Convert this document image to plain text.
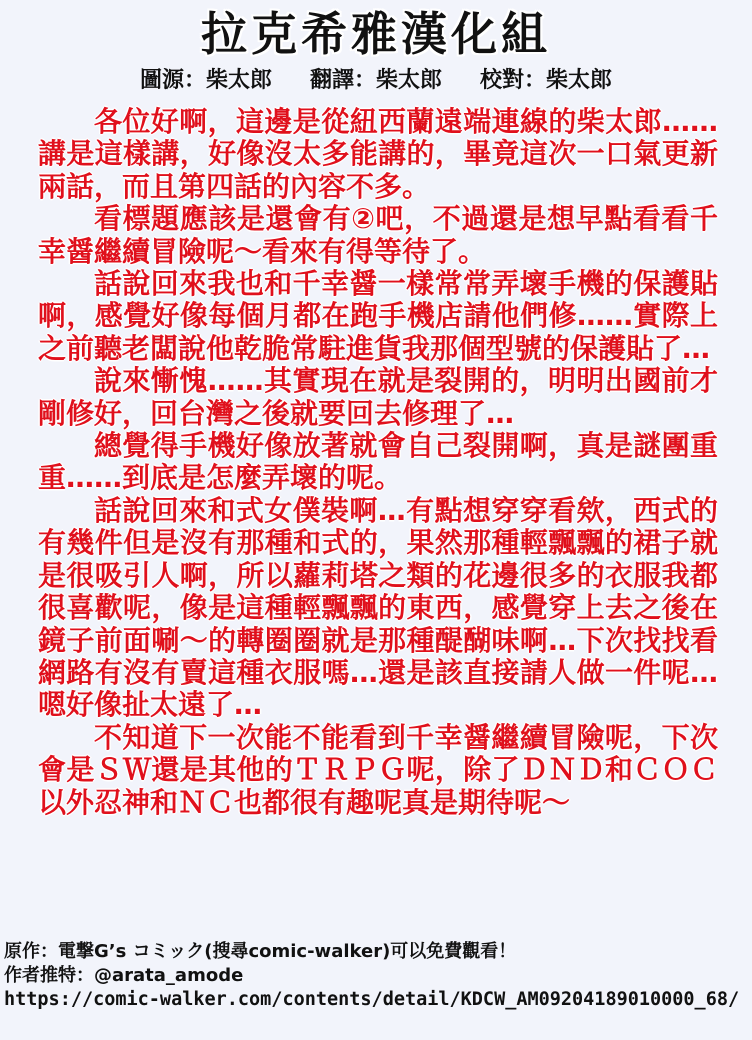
拉克希雅漢化組
圖源：柴太郎 翻譯：柴太郎 校對：柴太郎

各位好啊，這邊是從紐西蘭遠端連線的柴太郎……講是這樣講，好像沒太多能講的，畢竟這次一口氣更新兩話，而且第四話的內容不多。

看標題應該是還會有②吧，不過還是想早點看看千幸醤繼續冒險呢～看來有得等待了。

話說回來我也和千幸醤一樣常常弄壞手機的保護貼啊，感覺好像每個月都在跑手機店請他們修……實際上之前聽老闆說他乾脆常駐進貨我那個型號的保護貼了…

說來慚愧……其實現在就是裂開的，明明出國前才剛修好，回台灣之後就要回去修理了…

總覺得手機好像放著就會自己裂開啊，真是謎團重重……到底是怎麼弄壞的呢。

話說回來和式女僕裝啊…有點想穿穿看欸，西式的有幾件但是沒有那種和式的，果然那種輕飄飄的裙子就是很吸引人啊，所以蘿莉塔之類的花邊很多的衣服我都很喜歡呢，像是這種輕飄飄的東西，感覺穿上去之後在鏡子前面唰～的轉圈圈就是那種醍醐味啊…下次找找看網路有沒有賣這種衣服嗎…還是該直接請人做一件呢…嗯好像扯太遠了…

不知道下一次能不能看到千幸醤繼續冒險呢，下次會是ＳＷ還是其他的ＴＲＰＧ呢，除了ＤＮＤ和ＣＯＣ以外忍神和ＮＣ也都很有趣呢真是期待呢～

原作：電撃G’s コミック(搜尋comic-walker)可以免費觀看！
作者推特：@arata_amode
https://comic-walker.com/contents/detail/KDCW_AM09204189010000_68/
